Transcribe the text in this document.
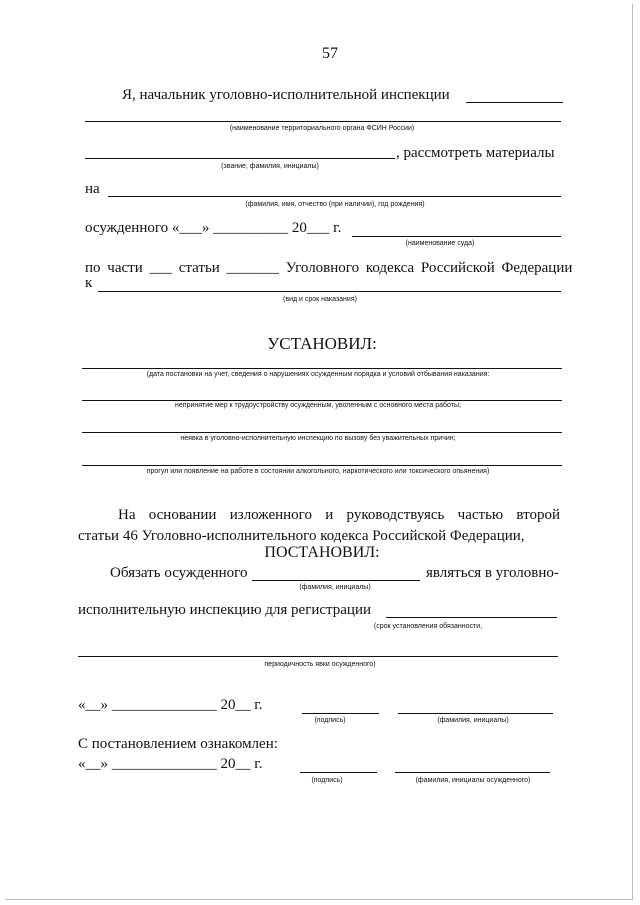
57
Я, начальник уголовно-исполнительной инспекции
(наименование территориального органа ФСИН России)
, рассмотреть материалы
(звание, фамилия, инициалы)
на
(фамилия, имя, отчество (при наличии), год рождения)
осужденного «___» __________ 20___ г.
(наименование суда)
по части ___ статьи _______ Уголовного кодекса Российской Федерации
к
(вид и срок наказания)
УСТАНОВИЛ:
(дата постановки на учет, сведения о нарушениях осужденным порядка и условий отбывания наказания:
непринятие мер к трудоустройству осужденным, уволенным с основного места работы;
неявка в уголовно-исполнительную инспекцию по вызову без уважительных причин;
прогул или появление на работе в состоянии алкогольного, наркотического или токсического опьянения)
На основании изложенного и руководствуясь частью второй
статьи 46 Уголовно-исполнительного кодекса Российской Федерации,
ПОСТАНОВИЛ:
Обязать осужденного	являться в уголовно-
(фамилия, инициалы)
исполнительную инспекцию для регистрации
(срок установления обязанности,
периодичность явки осужденного)
«__» ______________ 20__ г.
(подпись)	(фамилия, инициалы)
С постановлением ознакомлен:
«__» ______________ 20__ г.
(подпись)	(фамилия, инициалы осужденного)
